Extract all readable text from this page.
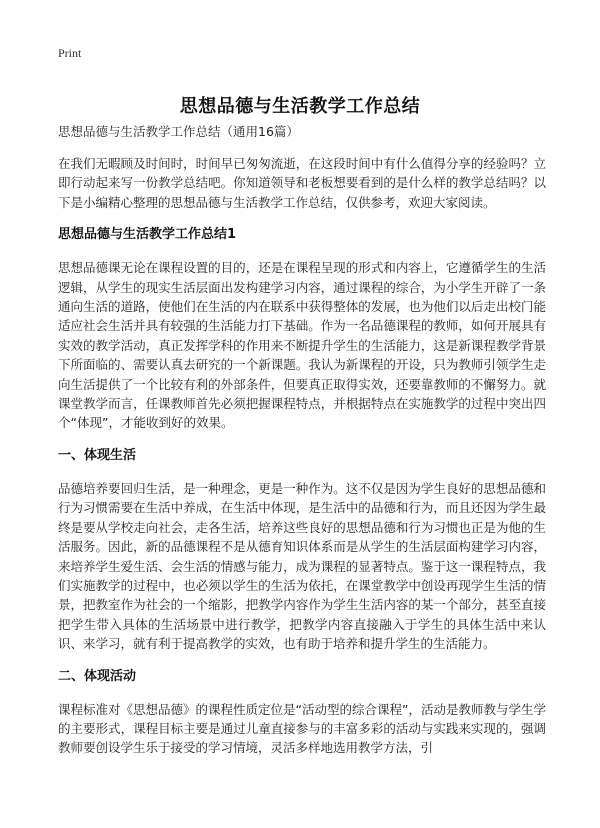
Print
思想品德与生活教学工作总结
思想品德与生活教学工作总结（通用16篇）

在我们无暇顾及时间时，时间早已匆匆流逝，在这段时间中有什么值得分享的经验吗？立即行动起来写一份教学总结吧。你知道领导和老板想要看到的是什么样的教学总结吗？以下是小编精心整理的思想品德与生活教学工作总结，仅供参考，欢迎大家阅读。

思想品德与生活教学工作总结1

思想品德课无论在课程设置的目的，还是在课程呈现的形式和内容上，它遵循学生的生活逻辑，从学生的现实生活层面出发构建学习内容，通过课程的综合，为小学生开辟了一条通向生活的道路，使他们在生活的内在联系中获得整体的发展，也为他们以后走出校门能适应社会生活并具有较强的生活能力打下基础。作为一名品德课程的教师，如何开展具有实效的教学活动，真正发挥学科的作用来不断提升学生的生活能力，这是新课程教学背景下所面临的、需要认真去研究的一个新课题。我认为新课程的开设，只为教师引领学生走向生活提供了一个比较有利的外部条件，但要真正取得实效，还要靠教师的不懈努力。就课堂教学而言，任课教师首先必须把握课程特点，并根据特点在实施教学的过程中突出四个“体现”，才能收到好的效果。

一、体现生活

品德培养要回归生活，是一种理念，更是一种作为。这不仅是因为学生良好的思想品德和行为习惯需要在生活中养成，在生活中体现，是生活中的品德和行为，而且还因为学生最终是要从学校走向社会，走各生活，培养这些良好的思想品德和行为习惯也正是为他的生活服务。因此，新的品德课程不是从德育知识体系而是从学生的生活层面构建学习内容，来培养学生爱生活、会生活的情感与能力，成为课程的显著特点。鉴于这一课程特点，我们实施教学的过程中，也必须以学生的生活为依托，在课堂教学中创设再现学生生活的情景，把教室作为社会的一个缩影，把教学内容作为学生生活内容的某一个部分，甚至直接把学生带入具体的生活场景中进行教学，把教学内容直接融入于学生的具体生活中来认识、来学习，就有利于提高教学的实效，也有助于培养和提升学生的生活能力。

二、体现活动

课程标准对《思想品德》的课程性质定位是“活动型的综合课程”，活动是教师教与学生学的主要形式，课程目标主要是通过儿童直接参与的丰富多彩的活动与实践来实现的，强调教师要创设学生乐于接受的学习情境，灵活多样地选用教学方法，引
